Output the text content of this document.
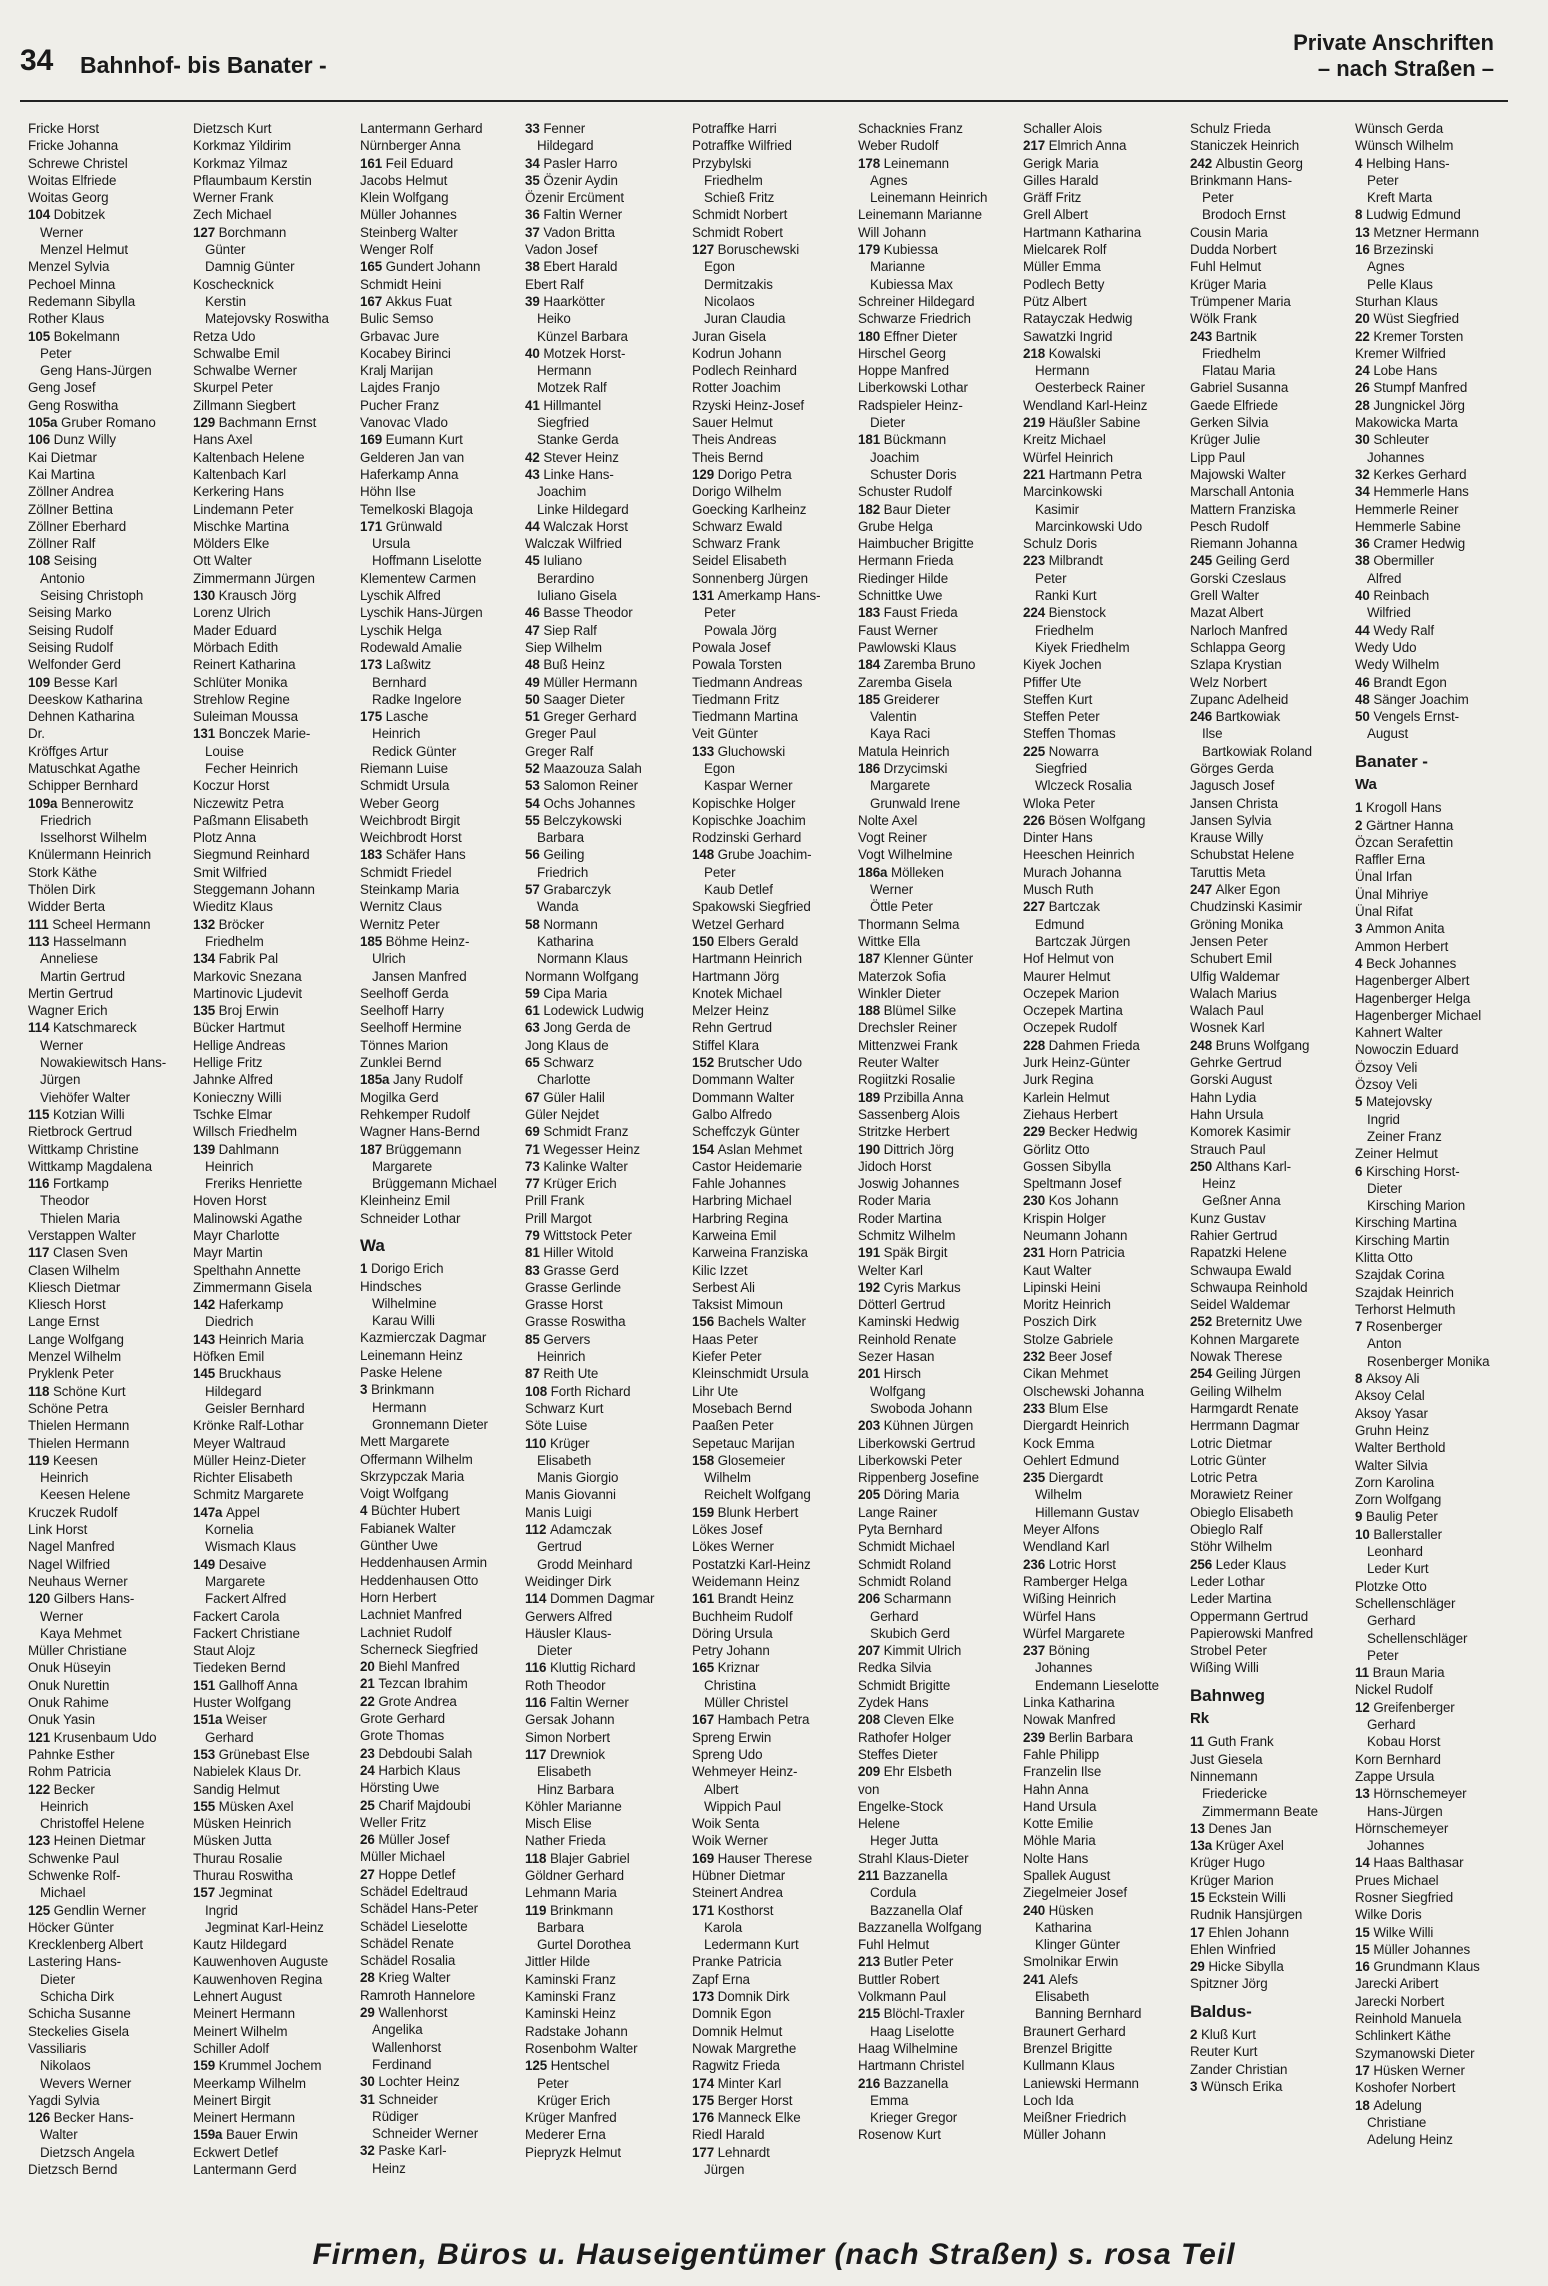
34 Bahnhof- bis Banater -
Private Anschriften
– nach Straßen –
Fricke Horst
Fricke Johanna
Schrewe Christel
Woitas Elfriede
Woitas Georg
104 Dobitzek
Werner
Menzel Helmut
Menzel Sylvia
Pechoel Minna
Redemann Sibylla
Rother Klaus
105 Bokelmann
Peter
Geng Hans-Jürgen
Geng Josef
Geng Roswitha
105a Gruber Romano
106 Dunz Willy
Kai Dietmar
Kai Martina
Zöllner Andrea
Zöllner Bettina
Zöllner Eberhard
Zöllner Ralf
108 Seising
Antonio
Seising Christoph
Seising Marko
Seising Rudolf
Seising Rudolf
Welfonder Gerd
109 Besse Karl
Deeskow Katharina
Dehnen Katharina
Dr.
Kröffges Artur
Matuschkat Agathe
Schipper Bernhard
109a Bennerowitz
Friedrich
Isselhorst Wilhelm
Knülermann Heinrich
Stork Käthe
Thölen Dirk
Widder Berta
111 Scheel Hermann
113 Hasselmann
Anneliese
Martin Gertrud
Mertin Gertrud
Wagner Erich
114 Katschmareck
Werner
Nowakiewitsch Hans-
Jürgen
Viehöfer Walter
115 Kotzian Willi
Rietbrock Gertrud
Wittkamp Christine
Wittkamp Magdalena
116 Fortkamp
Theodor
Thielen Maria
Verstappen Walter
117 Clasen Sven
Clasen Wilhelm
Kliesch Dietmar
Kliesch Horst
Lange Ernst
Lange Wolfgang
Menzel Wilhelm
Pryklenk Peter
118 Schöne Kurt
Schöne Petra
Thielen Hermann
Thielen Hermann
119 Keesen
Heinrich
Keesen Helene
Kruczek Rudolf
Link Horst
Nagel Manfred
Nagel Wilfried
Neuhaus Werner
120 Gilbers Hans-
Werner
Kaya Mehmet
Müller Christiane
Onuk Hüseyin
Onuk Nurettin
Onuk Rahime
Onuk Yasin
121 Krusenbaum Udo
Pahnke Esther
Rohm Patricia
122 Becker
Heinrich
Christoffel Helene
123 Heinen Dietmar
Schwenke Paul
Schwenke Rolf-
Michael
125 Gendlin Werner
Höcker Günter
Krecklenberg Albert
Lastering Hans-
Dieter
Schicha Dirk
Schicha Susanne
Steckelies Gisela
Vassiliaris
Nikolaos
Wevers Werner
Yagdi Sylvia
126 Becker Hans-
Walter
Dietzsch Angela
Dietzsch Bernd
Dietzsch Kurt
Korkmaz Yildirim
Korkmaz Yilmaz
Pflaumbaum Kerstin
Werner Frank
Zech Michael
127 Borchmann
Günter
Damnig Günter
Koschecknick
Kerstin
Matejovsky Roswitha
Retza Udo
Schwalbe Emil
Schwalbe Werner
Skurpel Peter
Zillmann Siegbert
129 Bachmann Ernst
Hans Axel
Kaltenbach Helene
Kaltenbach Karl
Kerkering Hans
Lindemann Peter
Mischke Martina
Mölders Elke
Ott Walter
Zimmermann Jürgen
130 Krausch Jörg
Lorenz Ulrich
Mader Eduard
Mörbach Edith
Reinert Katharina
Schlüter Monika
Strehlow Regine
Suleiman Moussa
131 Bonczek Marie-
Louise
Fecher Heinrich
Koczur Horst
Niczewitz Petra
Paßmann Elisabeth
Plotz Anna
Siegmund Reinhard
Smit Wilfried
Steggemann Johann
Wieditz Klaus
132 Bröcker
Friedhelm
134 Fabrik Pal
Markovic Snezana
Martinovic Ljudevit
135 Broj Erwin
Bücker Hartmut
Hellige Andreas
Hellige Fritz
Jahnke Alfred
Konieczny Willi
Tschke Elmar
Willsch Friedhelm
139 Dahlmann
Heinrich
Freriks Henriette
Hoven Horst
Malinowski Agathe
Mayr Charlotte
Mayr Martin
Spelthahn Annette
Zimmermann Gisela
142 Haferkamp
Diedrich
143 Heinrich Maria
Höfken Emil
145 Bruckhaus
Hildegard
Geisler Bernhard
Krönke Ralf-Lothar
Meyer Waltraud
Müller Heinz-Dieter
Richter Elisabeth
Schmitz Margarete
147a Appel
Kornelia
Wismach Klaus
149 Desaive
Margarete
Fackert Alfred
Fackert Carola
Fackert Christiane
Staut Alojz
Tiedeken Bernd
151 Gallhoff Anna
Huster Wolfgang
151a Weiser
Gerhard
153 Grünebast Else
Nabielek Klaus Dr.
Sandig Helmut
155 Müsken Axel
Müsken Heinrich
Müsken Jutta
Thurau Rosalie
Thurau Roswitha
157 Jegminat
Ingrid
Jegminat Karl-Heinz
Kautz Hildegard
Kauwenhoven Auguste
Kauwenhoven Regina
Lehnert August
Meinert Hermann
Meinert Wilhelm
Schiller Adolf
159 Krummel Jochem
Meerkamp Wilhelm
Meinert Birgit
Meinert Hermann
159a Bauer Erwin
Eckwert Detlef
Lantermann Gerd
Lantermann Gerhard
Nürnberger Anna
161 Feil Eduard
Jacobs Helmut
Klein Wolfgang
Müller Johannes
Steinberg Walter
Wenger Rolf
165 Gundert Johann
Schmidt Heini
167 Akkus Fuat
Bulic Semso
Grbavac Jure
Kocabey Birinci
Kralj Marijan
Lajdes Franjo
Pucher Franz
Vanovac Vlado
169 Eumann Kurt
Gelderen Jan van
Haferkamp Anna
Höhn Ilse
Temelkoski Blagoja
171 Grünwald
Ursula
Hoffmann Liselotte
Klementew Carmen
Lyschik Alfred
Lyschik Hans-Jürgen
Lyschik Helga
Rodewald Amalie
173 Laßwitz
Bernhard
Radke Ingelore
175 Lasche
Heinrich
Redick Günter
Riemann Luise
Schmidt Ursula
Weber Georg
Weichbrodt Birgit
Weichbrodt Horst
183 Schäfer Hans
Schmidt Friedel
Steinkamp Maria
Wernitz Claus
Wernitz Peter
185 Böhme Heinz-
Ulrich
Jansen Manfred
Seelhoff Gerda
Seelhoff Harry
Seelhoff Hermine
Tönnes Marion
Zunklei Bernd
185a Jany Rudolf
Mogilka Gerd
Rehkemper Rudolf
Wagner Hans-Bernd
187 Brüggemann
Margarete
Brüggemann Michael
Kleinheinz Emil
Schneider Lothar
Wa
1 Dorigo Erich
Hindsches
Wilhelmine
Karau Willi
Kazmierczak Dagmar
Leinemann Heinz
Paske Helene
3 Brinkmann
Hermann
Gronnemann Dieter
Mett Margarete
Offermann Wilhelm
Skrzypczak Maria
Voigt Wolfgang
4 Büchter Hubert
Fabianek Walter
Günther Uwe
Heddenhausen Armin
Heddenhausen Otto
Horn Herbert
Lachniet Manfred
Lachniet Rudolf
Scherneck Siegfried
20 Biehl Manfred
21 Tezcan Ibrahim
22 Grote Andrea
Grote Gerhard
Grote Thomas
23 Debdoubi Salah
24 Harbich Klaus
Hörsting Uwe
25 Charif Majdoubi
Weller Fritz
26 Müller Josef
Müller Michael
27 Hoppe Detlef
Schädel Edeltraud
Schädel Hans-Peter
Schädel Lieselotte
Schädel Renate
Schädel Rosalia
28 Krieg Walter
Ramroth Hannelore
29 Wallenhorst
Angelika
Wallenhorst
Ferdinand
30 Lochter Heinz
31 Schneider
Rüdiger
Schneider Werner
32 Paske Karl-
Heinz
33 Fenner
Hildegard
34 Pasler Harro
35 Özenir Aydin
Özenir Ercüment
36 Faltin Werner
37 Vadon Britta
Vadon Josef
38 Ebert Harald
Ebert Ralf
39 Haarkötter
Heiko
Künzel Barbara
40 Motzek Horst-
Hermann
Motzek Ralf
41 Hillmantel
Siegfried
Stanke Gerda
42 Stever Heinz
43 Linke Hans-
Joachim
Linke Hildegard
44 Walczak Horst
Walczak Wilfried
45 Iuliano
Berardino
Iuliano Gisela
46 Basse Theodor
47 Siep Ralf
Siep Wilhelm
48 Buß Heinz
49 Müller Hermann
50 Saager Dieter
51 Greger Gerhard
Greger Paul
Greger Ralf
52 Maazouza Salah
53 Salomon Reiner
54 Ochs Johannes
55 Belczykowski
Barbara
56 Geiling
Friedrich
57 Grabarczyk
Wanda
58 Normann
Katharina
Normann Klaus
Normann Wolfgang
59 Cipa Maria
61 Lodewick Ludwig
63 Jong Gerda de
Jong Klaus de
65 Schwarz
Charlotte
67 Güler Halil
Güler Nejdet
69 Schmidt Franz
71 Wegesser Heinz
73 Kalinke Walter
77 Krüger Erich
Prill Frank
Prill Margot
79 Wittstock Peter
81 Hiller Witold
83 Grasse Gerd
Grasse Gerlinde
Grasse Horst
Grasse Roswitha
85 Gervers
Heinrich
87 Reith Ute
108 Forth Richard
Schwarz Kurt
Söte Luise
110 Krüger
Elisabeth
Manis Giorgio
Manis Giovanni
Manis Luigi
112 Adamczak
Gertrud
Grodd Meinhard
Weidinger Dirk
114 Dommen Dagmar
Gerwers Alfred
Häusler Klaus-
Dieter
116 Kluttig Richard
Roth Theodor
116 Faltin Werner
Gersak Johann
Simon Norbert
117 Drewniok
Elisabeth
Hinz Barbara
Köhler Marianne
Misch Elise
Nather Frieda
118 Blajer Gabriel
Göldner Gerhard
Lehmann Maria
119 Brinkmann
Barbara
Gurtel Dorothea
Jittler Hilde
Kaminski Franz
Kaminski Franz
Kaminski Heinz
Radstake Johann
Rosenbohm Walter
125 Hentschel
Peter
Krüger Erich
Krüger Manfred
Mederer Erna
Piepryzk Helmut
Potraffke Harri
Potraffke Wilfried
Przybylski
Friedhelm
Schieß Fritz
Schmidt Norbert
Schmidt Robert
127 Boruschewski
Egon
Dermitzakis
Nicolaos
Juran Claudia
Juran Gisela
Kodrun Johann
Podlech Reinhard
Rotter Joachim
Rzyski Heinz-Josef
Sauer Helmut
Theis Andreas
Theis Bernd
129 Dorigo Petra
Dorigo Wilhelm
Goecking Karlheinz
Schwarz Ewald
Schwarz Frank
Seidel Elisabeth
Sonnenberg Jürgen
131 Amerkamp Hans-
Peter
Powala Jörg
Powala Josef
Powala Torsten
Tiedmann Andreas
Tiedmann Fritz
Tiedmann Martina
Veit Günter
133 Gluchowski
Egon
Kaspar Werner
Kopischke Holger
Kopischke Joachim
Rodzinski Gerhard
148 Grube Joachim-
Peter
Kaub Detlef
Spakowski Siegfried
Wetzel Gerhard
150 Elbers Gerald
Hartmann Heinrich
Hartmann Jörg
Knotek Michael
Melzer Heinz
Rehn Gertrud
Stiffel Klara
152 Brutscher Udo
Dommann Walter
Dommann Walter
Galbo Alfredo
Scheffczyk Günter
154 Aslan Mehmet
Castor Heidemarie
Fahle Johannes
Harbring Michael
Harbring Regina
Karweina Emil
Karweina Franziska
Kilic Izzet
Serbest Ali
Taksist Mimoun
156 Bachels Walter
Haas Peter
Kiefer Peter
Kleinschmidt Ursula
Lihr Ute
Mosebach Bernd
Paaßen Peter
Sepetauc Marijan
158 Glosemeier
Wilhelm
Reichelt Wolfgang
159 Blunk Herbert
Lökes Josef
Lökes Werner
Postatzki Karl-Heinz
Weidemann Heinz
161 Brandt Heinz
Buchheim Rudolf
Döring Ursula
Petry Johann
165 Kriznar
Christina
Müller Christel
167 Hambach Petra
Spreng Erwin
Spreng Udo
Wehmeyer Heinz-
Albert
Wippich Paul
Woik Senta
Woik Werner
169 Hauser Therese
Hübner Dietmar
Steinert Andrea
171 Kosthorst
Karola
Ledermann Kurt
Pranke Patricia
Zapf Erna
173 Domnik Dirk
Domnik Egon
Domnik Helmut
Nowak Margrethe
Ragwitz Frieda
174 Minter Karl
175 Berger Horst
176 Manneck Elke
Riedl Harald
177 Lehnardt
Jürgen
Schacknies Franz
Weber Rudolf
178 Leinemann
Agnes
Leinemann Heinrich
Leinemann Marianne
Will Johann
179 Kubiessa
Marianne
Kubiessa Max
Schreiner Hildegard
Schwarze Friedrich
180 Effner Dieter
Hirschel Georg
Hoppe Manfred
Liberkowski Lothar
Radspieler Heinz-
Dieter
181 Bückmann
Joachim
Schuster Doris
Schuster Rudolf
182 Baur Dieter
Grube Helga
Haimbucher Brigitte
Hermann Frieda
Riedinger Hilde
Schnittke Uwe
183 Faust Frieda
Faust Werner
Pawlowski Klaus
184 Zaremba Bruno
Zaremba Gisela
185 Greiderer
Valentin
Kaya Raci
Matula Heinrich
186 Drzycimski
Margarete
Grunwald Irene
Nolte Axel
Vogt Reiner
Vogt Wilhelmine
186a Mölleken
Werner
Öttle Peter
Thormann Selma
Wittke Ella
187 Klenner Günter
Materzok Sofia
Winkler Dieter
188 Blümel Silke
Drechsler Reiner
Mittenzwei Frank
Reuter Walter
Rogiitzki Rosalie
189 Przibilla Anna
Sassenberg Alois
Stritzke Herbert
190 Dittrich Jörg
Jidoch Horst
Joswig Johannes
Roder Maria
Roder Martina
Schmitz Wilhelm
191 Späk Birgit
Welter Karl
192 Cyris Markus
Dötterl Gertrud
Kaminski Hedwig
Reinhold Renate
Sezer Hasan
201 Hirsch
Wolfgang
Swoboda Johann
203 Kühnen Jürgen
Liberkowski Gertrud
Liberkowski Peter
Rippenberg Josefine
205 Döring Maria
Lange Rainer
Pyta Bernhard
Schmidt Michael
Schmidt Roland
Schmidt Roland
206 Scharmann
Gerhard
Skubich Gerd
207 Kimmit Ulrich
Redka Silvia
Schmidt Brigitte
Zydek Hans
208 Cleven Elke
Rathofer Holger
Steffes Dieter
209 Ehr Elsbeth
von
Engelke-Stock
Helene
Heger Jutta
Strahl Klaus-Dieter
211 Bazzanella
Cordula
Bazzanella Olaf
Bazzanella Wolfgang
Fuhl Helmut
213 Butler Peter
Buttler Robert
Volkmann Paul
215 Blöchl-Traxler
Haag Liselotte
Haag Wilhelmine
Hartmann Christel
216 Bazzanella
Emma
Krieger Gregor
Rosenow Kurt
Schaller Alois
217 Elmrich Anna
Gerigk Maria
Gilles Harald
Gräff Fritz
Grell Albert
Hartmann Katharina
Mielcarek Rolf
Müller Emma
Podlech Betty
Pütz Albert
Ratayczak Hedwig
Sawatzki Ingrid
218 Kowalski
Hermann
Oesterbeck Rainer
Wendland Karl-Heinz
219 Häußler Sabine
Kreitz Michael
Würfel Heinrich
221 Hartmann Petra
Marcinkowski
Kasimir
Marcinkowski Udo
Schulz Doris
223 Milbrandt
Peter
Ranki Kurt
224 Bienstock
Friedhelm
Kiyek Friedhelm
Kiyek Jochen
Pfiffer Ute
Steffen Kurt
Steffen Peter
Steffen Thomas
225 Nowarra
Siegfried
Wlczeck Rosalia
Wloka Peter
226 Bösen Wolfgang
Dinter Hans
Heeschen Heinrich
Murach Johanna
Musch Ruth
227 Bartczak
Edmund
Bartczak Jürgen
Hof Helmut von
Maurer Helmut
Oczepek Marion
Oczepek Martina
Oczepek Rudolf
228 Dahmen Frieda
Jurk Heinz-Günter
Jurk Regina
Karlein Helmut
Ziehaus Herbert
229 Becker Hedwig
Görlitz Otto
Gossen Sibylla
Speltmann Josef
230 Kos Johann
Krispin Holger
Neumann Johann
231 Horn Patricia
Kaut Walter
Lipinski Heini
Moritz Heinrich
Poszich Dirk
Stolze Gabriele
232 Beer Josef
Cikan Mehmet
Olschewski Johanna
233 Blum Else
Diergardt Heinrich
Kock Emma
Oehlert Edmund
235 Diergardt
Wilhelm
Hillemann Gustav
Meyer Alfons
Wendland Karl
236 Lotric Horst
Ramberger Helga
Wißing Heinrich
Würfel Hans
Würfel Margarete
237 Böning
Johannes
Endemann Lieselotte
Linka Katharina
Nowak Manfred
239 Berlin Barbara
Fahle Philipp
Franzelin Ilse
Hahn Anna
Hand Ursula
Kotte Emilie
Möhle Maria
Nolte Hans
Spallek August
Ziegelmeier Josef
240 Hüsken
Katharina
Klinger Günter
Smolnikar Erwin
241 Alefs
Elisabeth
Banning Bernhard
Braunert Gerhard
Brenzel Brigitte
Kullmann Klaus
Laniewski Hermann
Loch Ida
Meißner Friedrich
Müller Johann
Schulz Frieda
Staniczek Heinrich
242 Albustin Georg
Brinkmann Hans-
Peter
Brodoch Ernst
Cousin Maria
Dudda Norbert
Fuhl Helmut
Krüger Maria
Trümpener Maria
Wölk Frank
243 Bartnik
Friedhelm
Flatau Maria
Gabriel Susanna
Gaede Elfriede
Gerken Silvia
Krüger Julie
Lipp Paul
Majowski Walter
Marschall Antonia
Mattern Franziska
Pesch Rudolf
Riemann Johanna
245 Geiling Gerd
Gorski Czeslaus
Grell Walter
Mazat Albert
Narloch Manfred
Schlappa Georg
Szlapa Krystian
Welz Norbert
Zupanc Adelheid
246 Bartkowiak
Ilse
Bartkowiak Roland
Görges Gerda
Jagusch Josef
Jansen Christa
Jansen Sylvia
Krause Willy
Schubstat Helene
Taruttis Meta
247 Alker Egon
Chudzinski Kasimir
Gröning Monika
Jensen Peter
Schubert Emil
Ulfig Waldemar
Walach Marius
Walach Paul
Wosnek Karl
248 Bruns Wolfgang
Gehrke Gertrud
Gorski August
Hahn Lydia
Hahn Ursula
Komorek Kasimir
Strauch Paul
250 Althans Karl-
Heinz
Geßner Anna
Kunz Gustav
Rahier Gertrud
Rapatzki Helene
Schwaupa Ewald
Schwaupa Reinhold
Seidel Waldemar
252 Breternitz Uwe
Kohnen Margarete
Nowak Therese
254 Geiling Jürgen
Geiling Wilhelm
Harmgardt Renate
Herrmann Dagmar
Lotric Dietmar
Lotric Günter
Lotric Petra
Morawietz Reiner
Obieglo Elisabeth
Obieglo Ralf
Stöhr Wilhelm
256 Leder Klaus
Leder Lothar
Leder Martina
Oppermann Gertrud
Papierowski Manfred
Strobel Peter
Wißing Willi
Bahnweg
Rk
11 Guth Frank
Just Giesela
Ninnemann
Friedericke
Zimmermann Beate
13 Denes Jan
13a Krüger Axel
Krüger Hugo
Krüger Marion
15 Eckstein Willi
Rudnik Hansjürgen
17 Ehlen Johann
Ehlen Winfried
29 Hicke Sibylla
Spitzner Jörg
Baldus-
2 Kluß Kurt
Reuter Kurt
Zander Christian
3 Wünsch Erika
Wünsch Gerda
Wünsch Wilhelm
4 Helbing Hans-
Peter
Kreft Marta
8 Ludwig Edmund
13 Metzner Hermann
16 Brzezinski
Agnes
Pelle Klaus
Sturhan Klaus
20 Wüst Siegfried
22 Kremer Torsten
Kremer Wilfried
24 Lobe Hans
26 Stumpf Manfred
28 Jungnickel Jörg
Makowicka Marta
30 Schleuter
Johannes
32 Kerkes Gerhard
34 Hemmerle Hans
Hemmerle Reiner
Hemmerle Sabine
36 Cramer Hedwig
38 Obermiller
Alfred
40 Reinbach
Wilfried
44 Wedy Ralf
Wedy Udo
Wedy Wilhelm
46 Brandt Egon
48 Sänger Joachim
50 Vengels Ernst-
August
Banater -
Wa
1 Krogoll Hans
2 Gärtner Hanna
Özcan Serafettin
Raffler Erna
Ünal Irfan
Ünal Mihriye
Ünal Rifat
3 Ammon Anita
Ammon Herbert
4 Beck Johannes
Hagenberger Albert
Hagenberger Helga
Hagenberger Michael
Kahnert Walter
Nowoczin Eduard
Özsoy Veli
Özsoy Veli
5 Matejovsky
Ingrid
Zeiner Franz
Zeiner Helmut
6 Kirsching Horst-
Dieter
Kirsching Marion
Kirsching Martina
Kirsching Martin
Klitta Otto
Szajdak Corina
Szajdak Heinrich
Terhorst Helmuth
7 Rosenberger
Anton
Rosenberger Monika
8 Aksoy Ali
Aksoy Celal
Aksoy Yasar
Gruhn Heinz
Walter Berthold
Walter Silvia
Zorn Karolina
Zorn Wolfgang
9 Baulig Peter
10 Ballerstaller
Leonhard
Leder Kurt
Plotzke Otto
Schellenschläger
Gerhard
Schellenschläger
Peter
11 Braun Maria
Nickel Rudolf
12 Greifenberger
Gerhard
Kobau Horst
Korn Bernhard
Zappe Ursula
13 Hörnschemeyer
Hans-Jürgen
Hörnschemeyer
Johannes
14 Haas Balthasar
Prues Michael
Rosner Siegfried
Wilke Doris
15 Wilke Willi
15 Müller Johannes
16 Grundmann Klaus
Jarecki Aribert
Jarecki Norbert
Reinhold Manuela
Schlinkert Käthe
Szymanowski Dieter
17 Hüsken Werner
Koshofer Norbert
18 Adelung
Christiane
Adelung Heinz
Firmen, Büros u. Hauseigentümer (nach Straßen) s. rosa Teil
